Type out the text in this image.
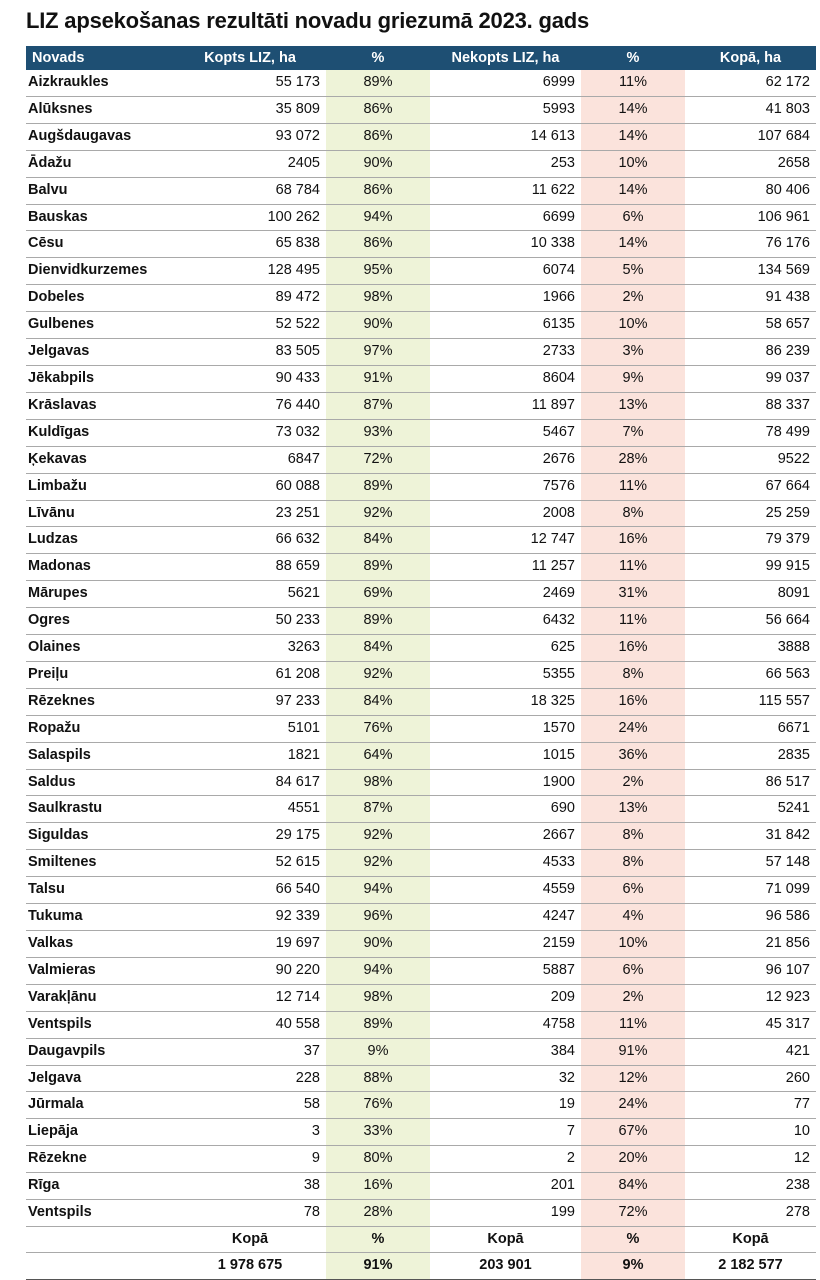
LIZ apsekošanas rezultāti novadu griezumā 2023. gads
Novads	Kopts LIZ, ha	%	Nekopts LIZ, ha	%	Kopā, ha
Aizkraukles	55 173	89%	6999	11%	62 172
Alūksnes	35 809	86%	5993	14%	41 803
Augšdaugavas	93 072	86%	14 613	14%	107 684
Ādažu	2405	90%	253	10%	2658
Balvu	68 784	86%	11 622	14%	80 406
Bauskas	100 262	94%	6699	6%	106 961
Cēsu	65 838	86%	10 338	14%	76 176
Dienvidkurzemes	128 495	95%	6074	5%	134 569
Dobeles	89 472	98%	1966	2%	91 438
Gulbenes	52 522	90%	6135	10%	58 657
Jelgavas	83 505	97%	2733	3%	86 239
Jēkabpils	90 433	91%	8604	9%	99 037
Krāslavas	76 440	87%	11 897	13%	88 337
Kuldīgas	73 032	93%	5467	7%	78 499
Ķekavas	6847	72%	2676	28%	9522
Limbažu	60 088	89%	7576	11%	67 664
Līvānu	23 251	92%	2008	8%	25 259
Ludzas	66 632	84%	12 747	16%	79 379
Madonas	88 659	89%	11 257	11%	99 915
Mārupes	5621	69%	2469	31%	8091
Ogres	50 233	89%	6432	11%	56 664
Olaines	3263	84%	625	16%	3888
Preiļu	61 208	92%	5355	8%	66 563
Rēzeknes	97 233	84%	18 325	16%	115 557
Ropažu	5101	76%	1570	24%	6671
Salaspils	1821	64%	1015	36%	2835
Saldus	84 617	98%	1900	2%	86 517
Saulkrastu	4551	87%	690	13%	5241
Siguldas	29 175	92%	2667	8%	31 842
Smiltenes	52 615	92%	4533	8%	57 148
Talsu	66 540	94%	4559	6%	71 099
Tukuma	92 339	96%	4247	4%	96 586
Valkas	19 697	90%	2159	10%	21 856
Valmieras	90 220	94%	5887	6%	96 107
Varakļānu	12 714	98%	209	2%	12 923
Ventspils	40 558	89%	4758	11%	45 317
Daugavpils	37	9%	384	91%	421
Jelgava	228	88%	32	12%	260
Jūrmala	58	76%	19	24%	77
Liepāja	3	33%	7	67%	10
Rēzekne	9	80%	2	20%	12
Rīga	38	16%	201	84%	238
Ventspils	78	28%	199	72%	278
	Kopā	%	Kopā	%	Kopā
	1 978 675	91%	203 901	9%	2 182 577
